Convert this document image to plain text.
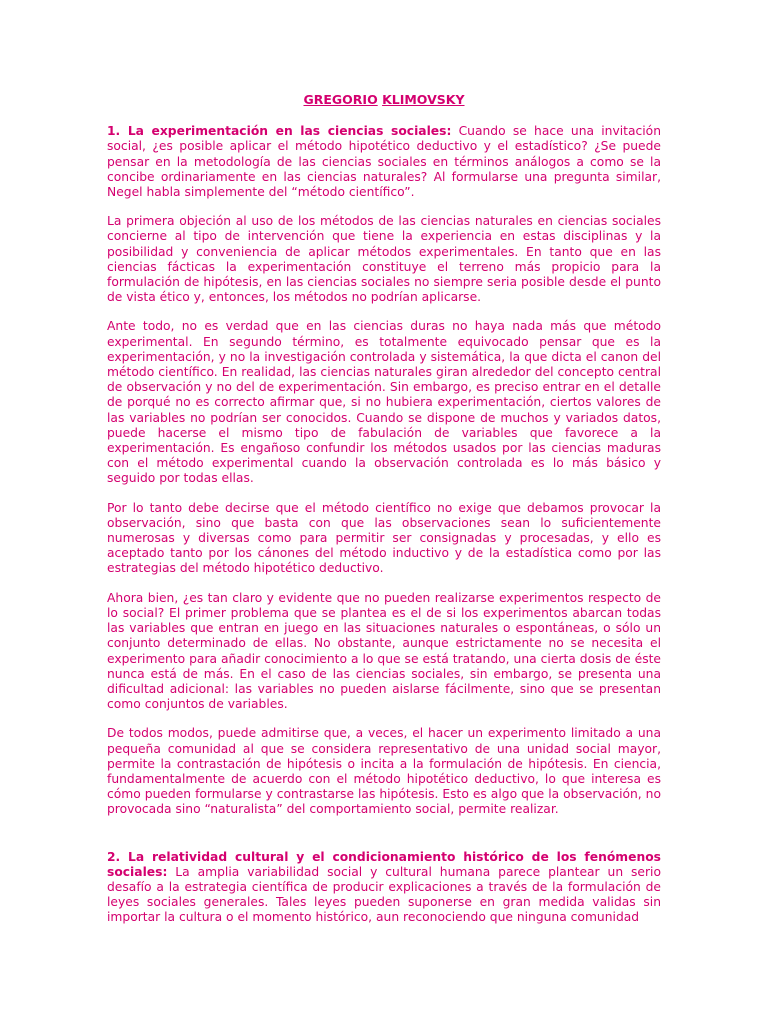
GREGORIO KLIMOVSKY

1. La experimentación en las ciencias sociales: Cuando se hace una invitación social, ¿es posible aplicar el método hipotético deductivo y el estadístico? ¿Se puede pensar en la metodología de las ciencias sociales en términos análogos a como se la concibe ordinariamente en las ciencias naturales? Al formularse una pregunta similar, Negel habla simplemente del “método científico”.

La primera objeción al uso de los métodos de las ciencias naturales en ciencias sociales concierne al tipo de intervención que tiene la experiencia en estas disciplinas y la posibilidad y conveniencia de aplicar métodos experimentales. En tanto que en las ciencias fácticas la experimentación constituye el terreno más propicio para la formulación de hipótesis, en las ciencias sociales no siempre seria posible desde el punto de vista ético y, entonces, los métodos no podrían aplicarse.

Ante todo, no es verdad que en las ciencias duras no haya nada más que método experimental. En segundo término, es totalmente equivocado pensar que es la experimentación, y no la investigación controlada y sistemática, la que dicta el canon del método científico. En realidad, las ciencias naturales giran alrededor del concepto central de observación y no del de experimentación. Sin embargo, es preciso entrar en el detalle de porqué no es correcto afirmar que, si no hubiera experimentación, ciertos valores de las variables no podrían ser conocidos. Cuando se dispone de muchos y variados datos, puede hacerse el mismo tipo de fabulación de variables que favorece a la experimentación. Es engañoso confundir los métodos usados por las ciencias maduras con el método experimental cuando la observación controlada es lo más básico y seguido por todas ellas.

Por lo tanto debe decirse que el método científico no exige que debamos provocar la observación, sino que basta con que las observaciones sean lo suficientemente numerosas y diversas como para permitir ser consignadas y procesadas, y ello es aceptado tanto por los cánones del método inductivo y de la estadística como por las estrategias del método hipotético deductivo.

Ahora bien, ¿es tan claro y evidente que no pueden realizarse experimentos respecto de lo social? El primer problema que se plantea es el de si los experimentos abarcan todas las variables que entran en juego en las situaciones naturales o espontáneas, o sólo un conjunto determinado de ellas. No obstante, aunque estrictamente no se necesita el experimento para añadir conocimiento a lo que se está tratando, una cierta dosis de éste nunca está de más. En el caso de las ciencias sociales, sin embargo, se presenta una dificultad adicional: las variables no pueden aislarse fácilmente, sino que se presentan como conjuntos de variables.

De todos modos, puede admitirse que, a veces, el hacer un experimento limitado a una pequeña comunidad al que se considera representativo de una unidad social mayor, permite la contrastación de hipótesis o incita a la formulación de hipótesis. En ciencia, fundamentalmente de acuerdo con el método hipotético deductivo, lo que interesa es cómo pueden formularse y contrastarse las hipótesis. Esto es algo que la observación, no provocada sino “naturalista” del comportamiento social, permite realizar.

2. La relatividad cultural y el condicionamiento histórico de los fenómenos sociales: La amplia variabilidad social y cultural humana parece plantear un serio desafío a la estrategia científica de producir explicaciones a través de la formulación de leyes sociales generales. Tales leyes pueden suponerse en gran medida validas sin importar la cultura o el momento histórico, aun reconociendo que ninguna comunidad
